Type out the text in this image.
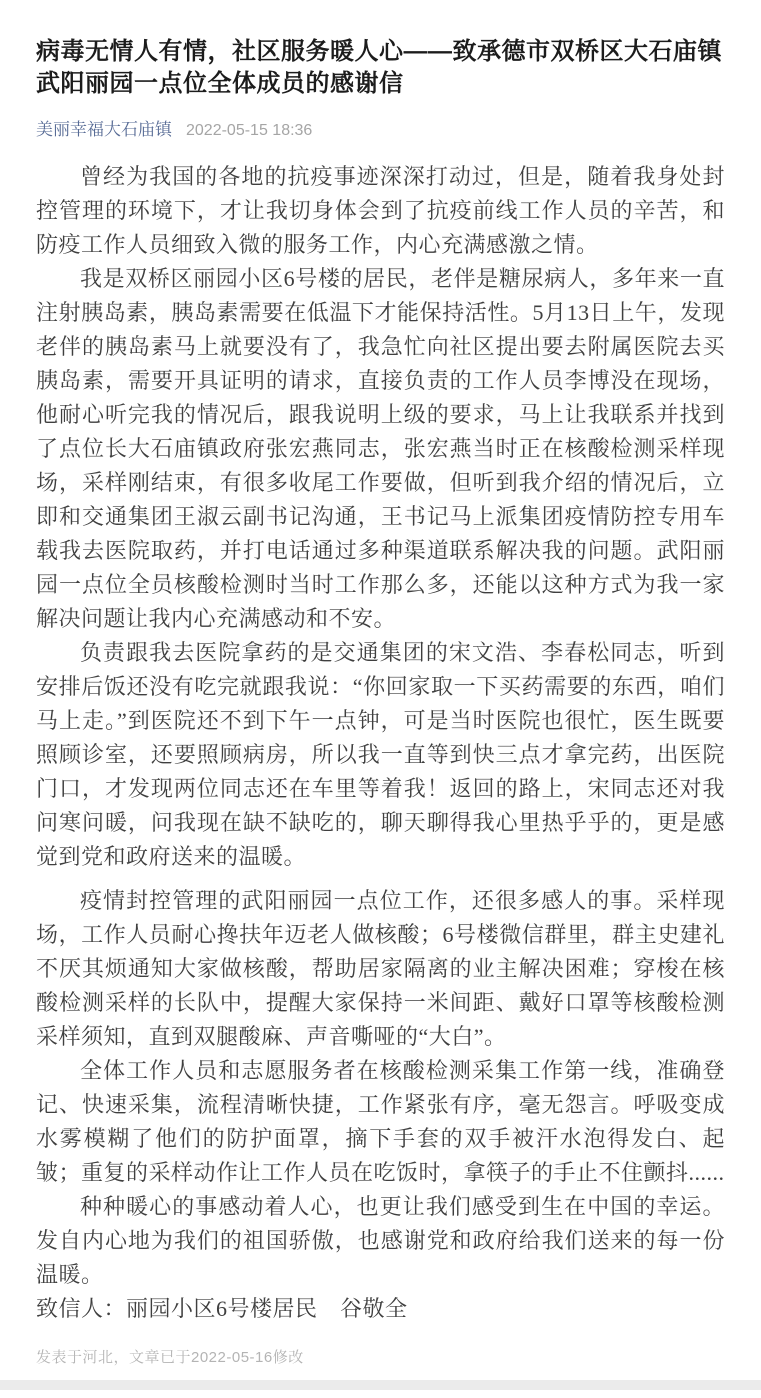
病毒无情人有情，社区服务暖人心——致承德市双桥区大石庙镇武阳丽园一点位全体成员的感谢信
美丽幸福大石庙镇 2022-05-15 18:36

曾经为我国的各地的抗疫事迹深深打动过，但是，随着我身处封控管理的环境下，才让我切身体会到了抗疫前线工作人员的辛苦，和防疫工作人员细致入微的服务工作，内心充满感激之情。

我是双桥区丽园小区6号楼的居民，老伴是糖尿病人，多年来一直注射胰岛素，胰岛素需要在低温下才能保持活性。5月13日上午，发现老伴的胰岛素马上就要没有了，我急忙向社区提出要去附属医院去买胰岛素，需要开具证明的请求，直接负责的工作人员李博没在现场，他耐心听完我的情况后，跟我说明上级的要求，马上让我联系并找到了点位长大石庙镇政府张宏燕同志，张宏燕当时正在核酸检测采样现场，采样刚结束，有很多收尾工作要做，但听到我介绍的情况后，立即和交通集团王淑云副书记沟通，王书记马上派集团疫情防控专用车载我去医院取药，并打电话通过多种渠道联系解决我的问题。武阳丽园一点位全员核酸检测时当时工作那么多，还能以这种方式为我一家解决问题让我内心充满感动和不安。

负责跟我去医院拿药的是交通集团的宋文浩、李春松同志，听到安排后饭还没有吃完就跟我说：“你回家取一下买药需要的东西，咱们马上走。”到医院还不到下午一点钟，可是当时医院也很忙，医生既要照顾诊室，还要照顾病房，所以我一直等到快三点才拿完药，出医院门口，才发现两位同志还在车里等着我！返回的路上，宋同志还对我问寒问暖，问我现在缺不缺吃的，聊天聊得我心里热乎乎的，更是感觉到党和政府送来的温暖。

疫情封控管理的武阳丽园一点位工作，还很多感人的事。采样现场，工作人员耐心搀扶年迈老人做核酸；6号楼微信群里，群主史建礼不厌其烦通知大家做核酸，帮助居家隔离的业主解决困难；穿梭在核酸检测采样的长队中，提醒大家保持一米间距、戴好口罩等核酸检测采样须知，直到双腿酸麻、声音嘶哑的“大白”。

全体工作人员和志愿服务者在核酸检测采集工作第一线，准确登记、快速采集，流程清晰快捷，工作紧张有序，毫无怨言。呼吸变成水雾模糊了他们的防护面罩，摘下手套的双手被汗水泡得发白、起皱；重复的采样动作让工作人员在吃饭时，拿筷子的手止不住颤抖......

种种暖心的事感动着人心，也更让我们感受到生在中国的幸运。发自内心地为我们的祖国骄傲，也感谢党和政府给我们送来的每一份温暖。

致信人：丽园小区6号楼居民　谷敬全

发表于河北，文章已于2022-05-16修改
